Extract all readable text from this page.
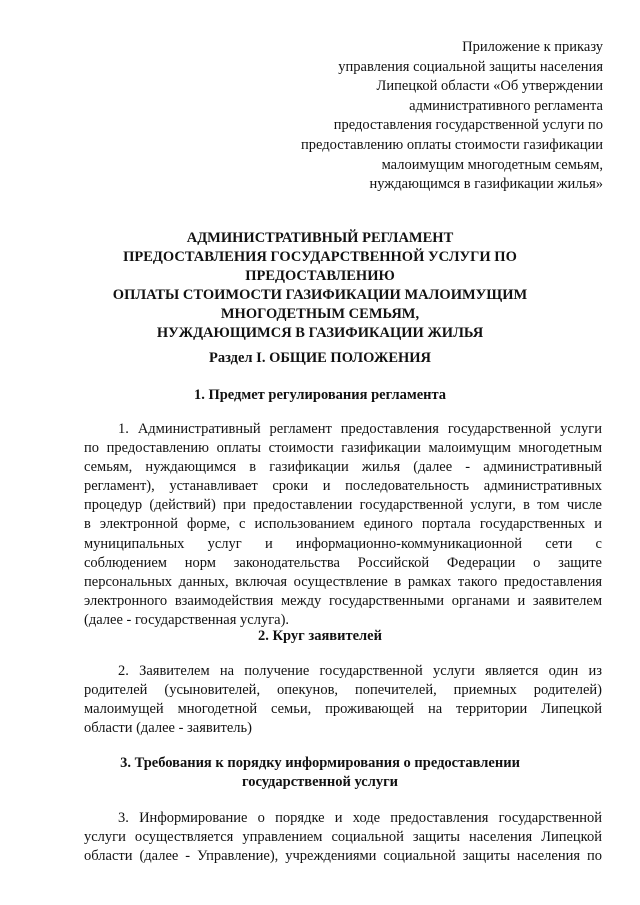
Приложение к приказу
управления социальной защиты населения
Липецкой области «Об утверждении
административного регламента
предоставления государственной услуги по
предоставлению оплаты стоимости газификации
малоимущим многодетным семьям,
нуждающимся в газификации жилья»
АДМИНИСТРАТИВНЫЙ РЕГЛАМЕНТ
ПРЕДОСТАВЛЕНИЯ ГОСУДАРСТВЕННОЙ УСЛУГИ ПО
ПРЕДОСТАВЛЕНИЮ
ОПЛАТЫ СТОИМОСТИ ГАЗИФИКАЦИИ МАЛОИМУЩИМ
МНОГОДЕТНЫМ СЕМЬЯМ,
НУЖДАЮЩИМСЯ В ГАЗИФИКАЦИИ ЖИЛЬЯ
Раздел I. ОБЩИЕ ПОЛОЖЕНИЯ
1. Предмет регулирования регламента
1. Административный регламент предоставления государственной услуги
по предоставлению оплаты стоимости газификации малоимущим многодетным
семьям, нуждающимся в газификации жилья (далее - административный
регламент), устанавливает сроки и последовательность административных
процедур (действий) при предоставлении государственной услуги, в том числе
в электронной форме, с использованием единого портала государственных и
муниципальных услуг и информационно-коммуникационной сети с
соблюдением норм законодательства Российской Федерации о защите
персональных данных, включая осуществление в рамках такого предоставления
электронного взаимодействия между государственными органами и заявителем
(далее - государственная услуга).
2. Круг заявителей
2. Заявителем на получение государственной услуги является один из
родителей (усыновителей, опекунов, попечителей, приемных родителей)
малоимущей многодетной семьи, проживающей на территории Липецкой
области (далее - заявитель)
3. Требования к порядку информирования о предоставлении
государственной услуги
3. Информирование о порядке и ходе предоставления государственной
услуги осуществляется управлением социальной защиты населения Липецкой
области (далее - Управление), учреждениями социальной защиты населения по
